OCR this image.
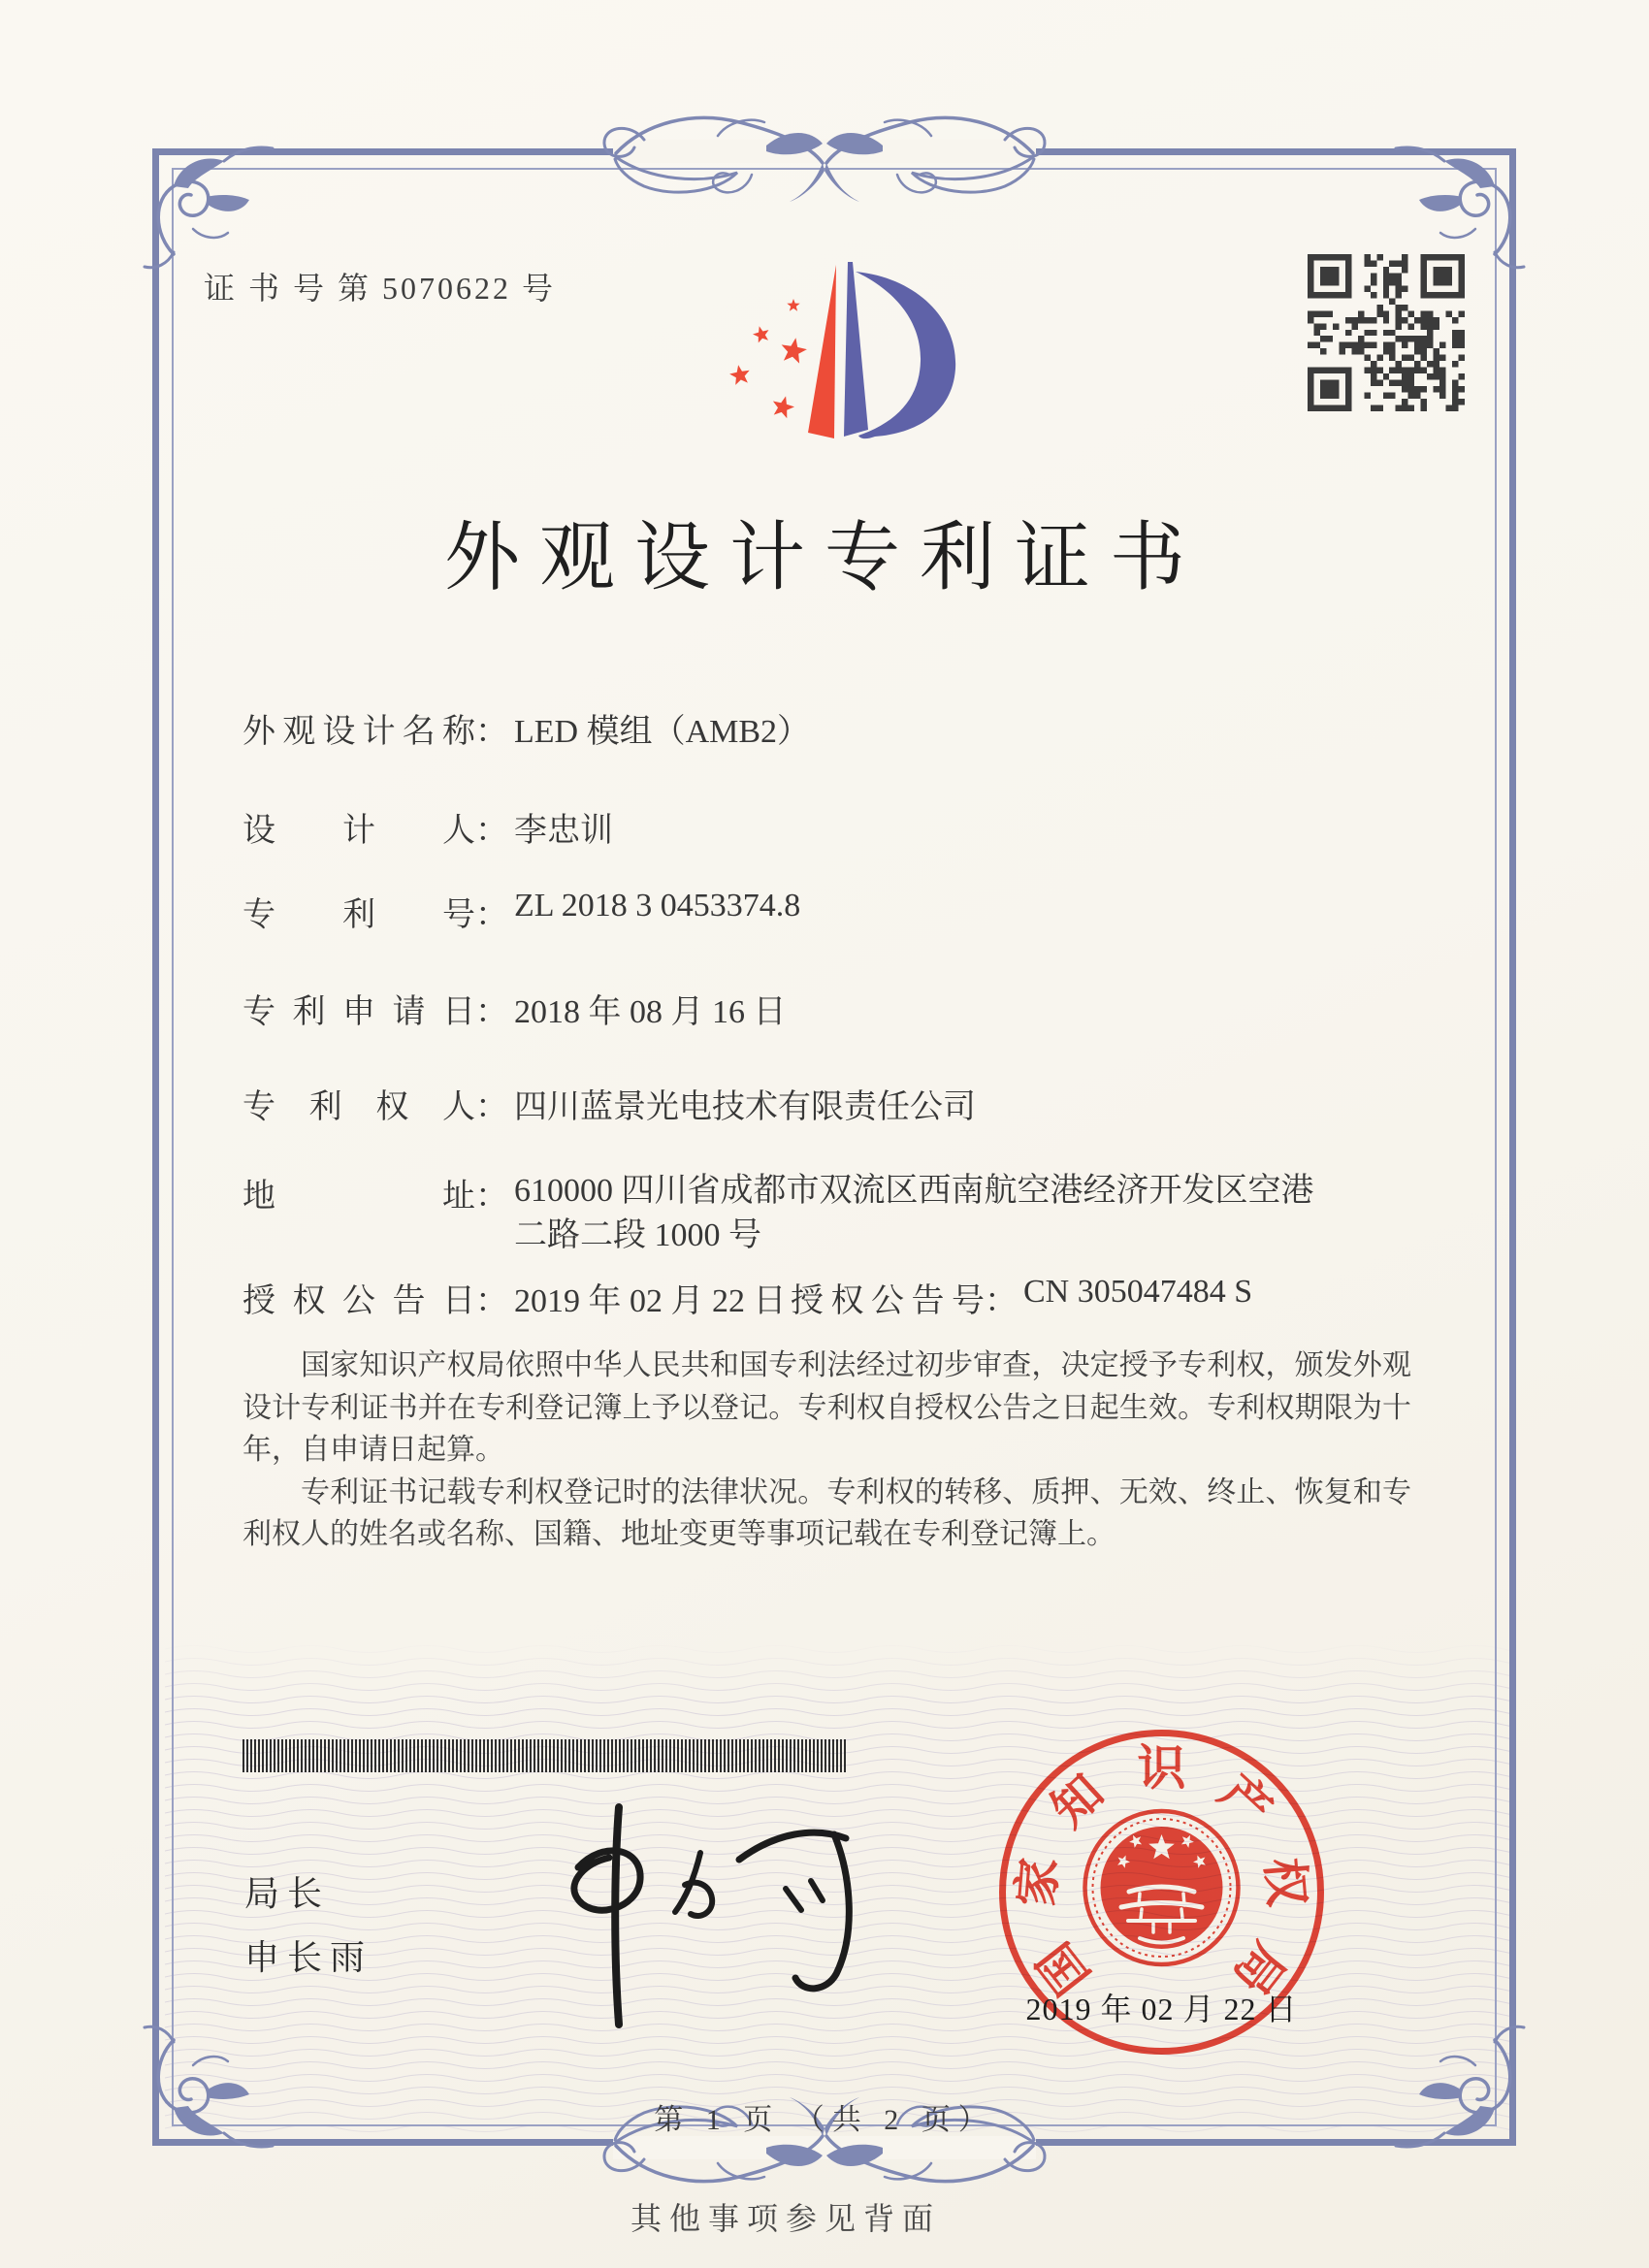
证 书 号 第 5070622 号
外观设计专利证书
外观设计名称： LED 模组（AMB2）
设计人： 李忠训
专利号： ZL 2018 3 0453374.8
专利申请日： 2018 年 08 月 16 日
专利权人： 四川蓝景光电技术有限责任公司
地址： 610000 四川省成都市双流区西南航空港经济开发区空港
二路二段 1000 号
授权公告日： 2019 年 02 月 22 日 授权公告号： CN 305047484 S

国家知识产权局依照中华人民共和国专利法经过初步审查，决定授予专利权，颁发外观设计专利证书并在专利登记簿上予以登记。专利权自授权公告之日起生效。专利权期限为十年，自申请日起算。

专利证书记载专利权登记时的法律状况。专利权的转移、质押、无效、终止、恢复和专利权人的姓名或名称、国籍、地址变更等事项记载在专利登记簿上。

局长
申长雨	国
家
知 识 产
权
局
2019 年 02 月 22 日
第 1 页 （共 2 页）
其他事项参见背面
